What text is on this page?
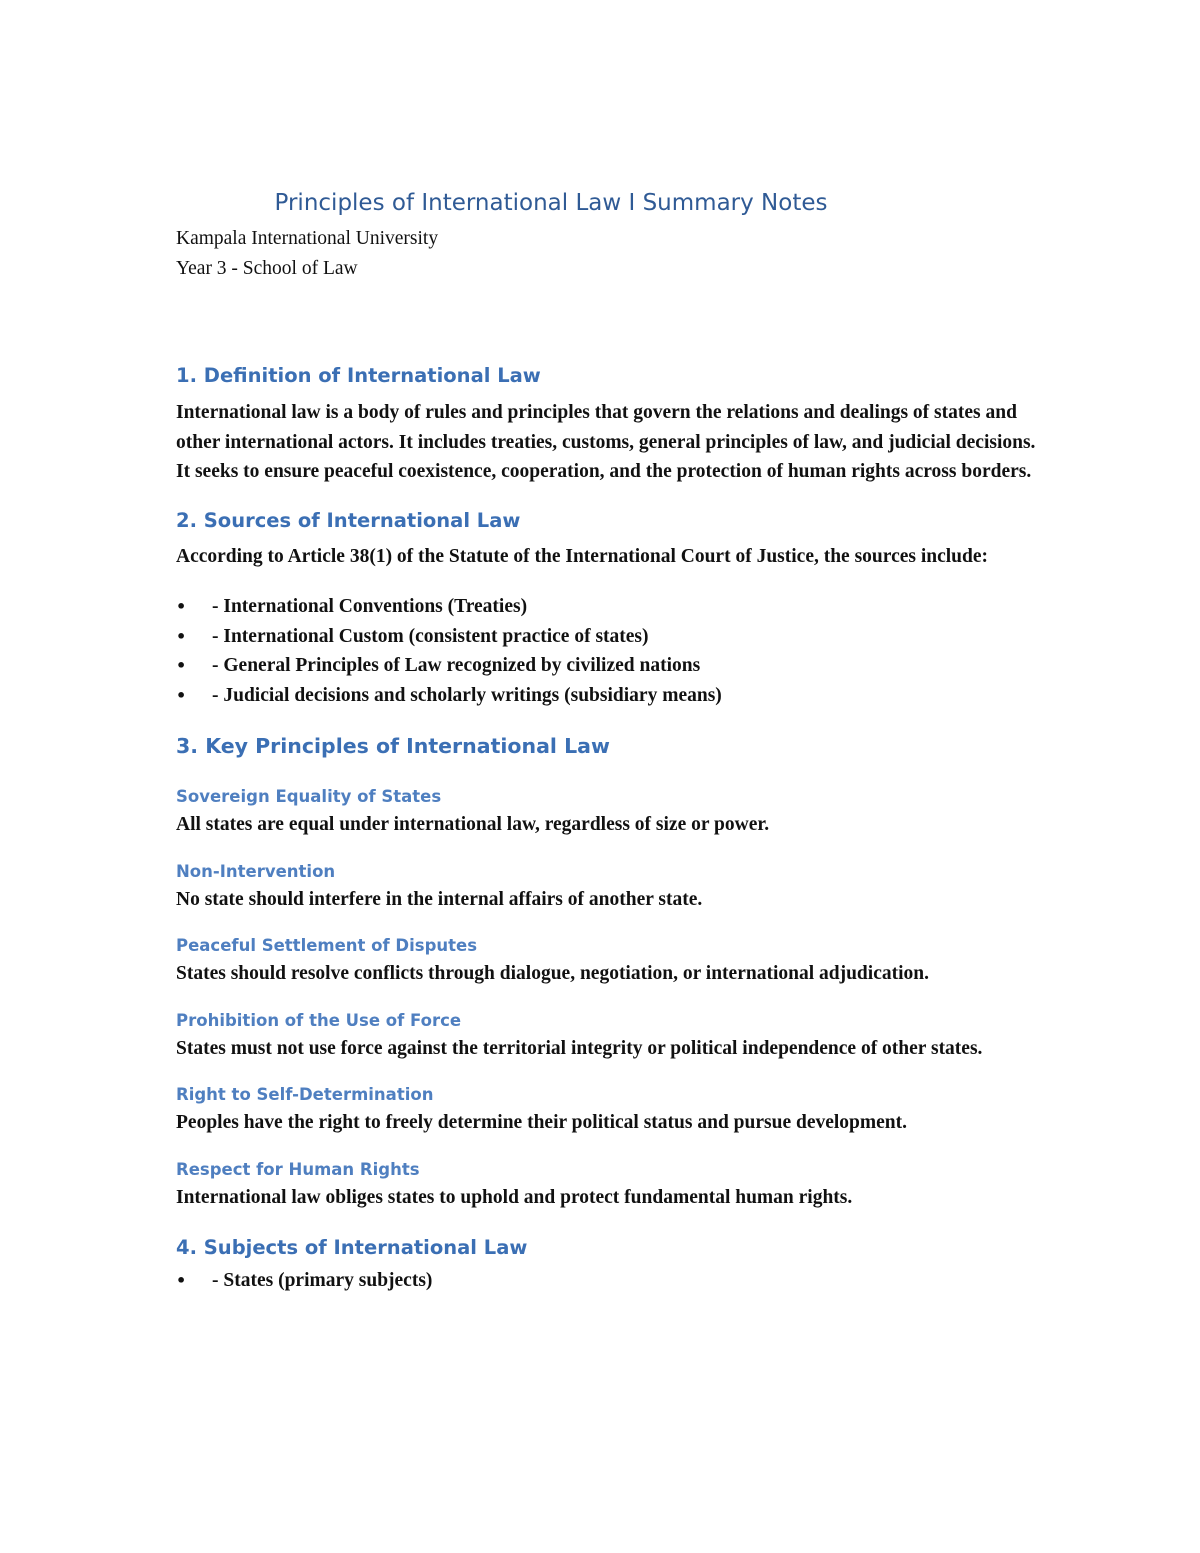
Principles of International Law I Summary Notes

Kampala International University

Year 3 - School of Law

1. Definition of International Law

International law is a body of rules and principles that govern the relations and dealings of states and other international actors. It includes treaties, customs, general principles of law, and judicial decisions. It seeks to ensure peaceful coexistence, cooperation, and the protection of human rights across borders.

2. Sources of International Law

According to Article 38(1) of the Statute of the International Court of Justice, the sources include:

• - International Conventions (Treaties)
• - International Custom (consistent practice of states)
• - General Principles of Law recognized by civilized nations
• - Judicial decisions and scholarly writings (subsidiary means)
3. Key Principles of International Law
Sovereign Equality of States

All states are equal under international law, regardless of size or power.

Non-Intervention

No state should interfere in the internal affairs of another state.

Peaceful Settlement of Disputes

States should resolve conflicts through dialogue, negotiation, or international adjudication.

Prohibition of the Use of Force

States must not use force against the territorial integrity or political independence of other states.

Right to Self-Determination

Peoples have the right to freely determine their political status and pursue development.

Respect for Human Rights

International law obliges states to uphold and protect fundamental human rights.

4. Subjects of International Law
• - States (primary subjects)
